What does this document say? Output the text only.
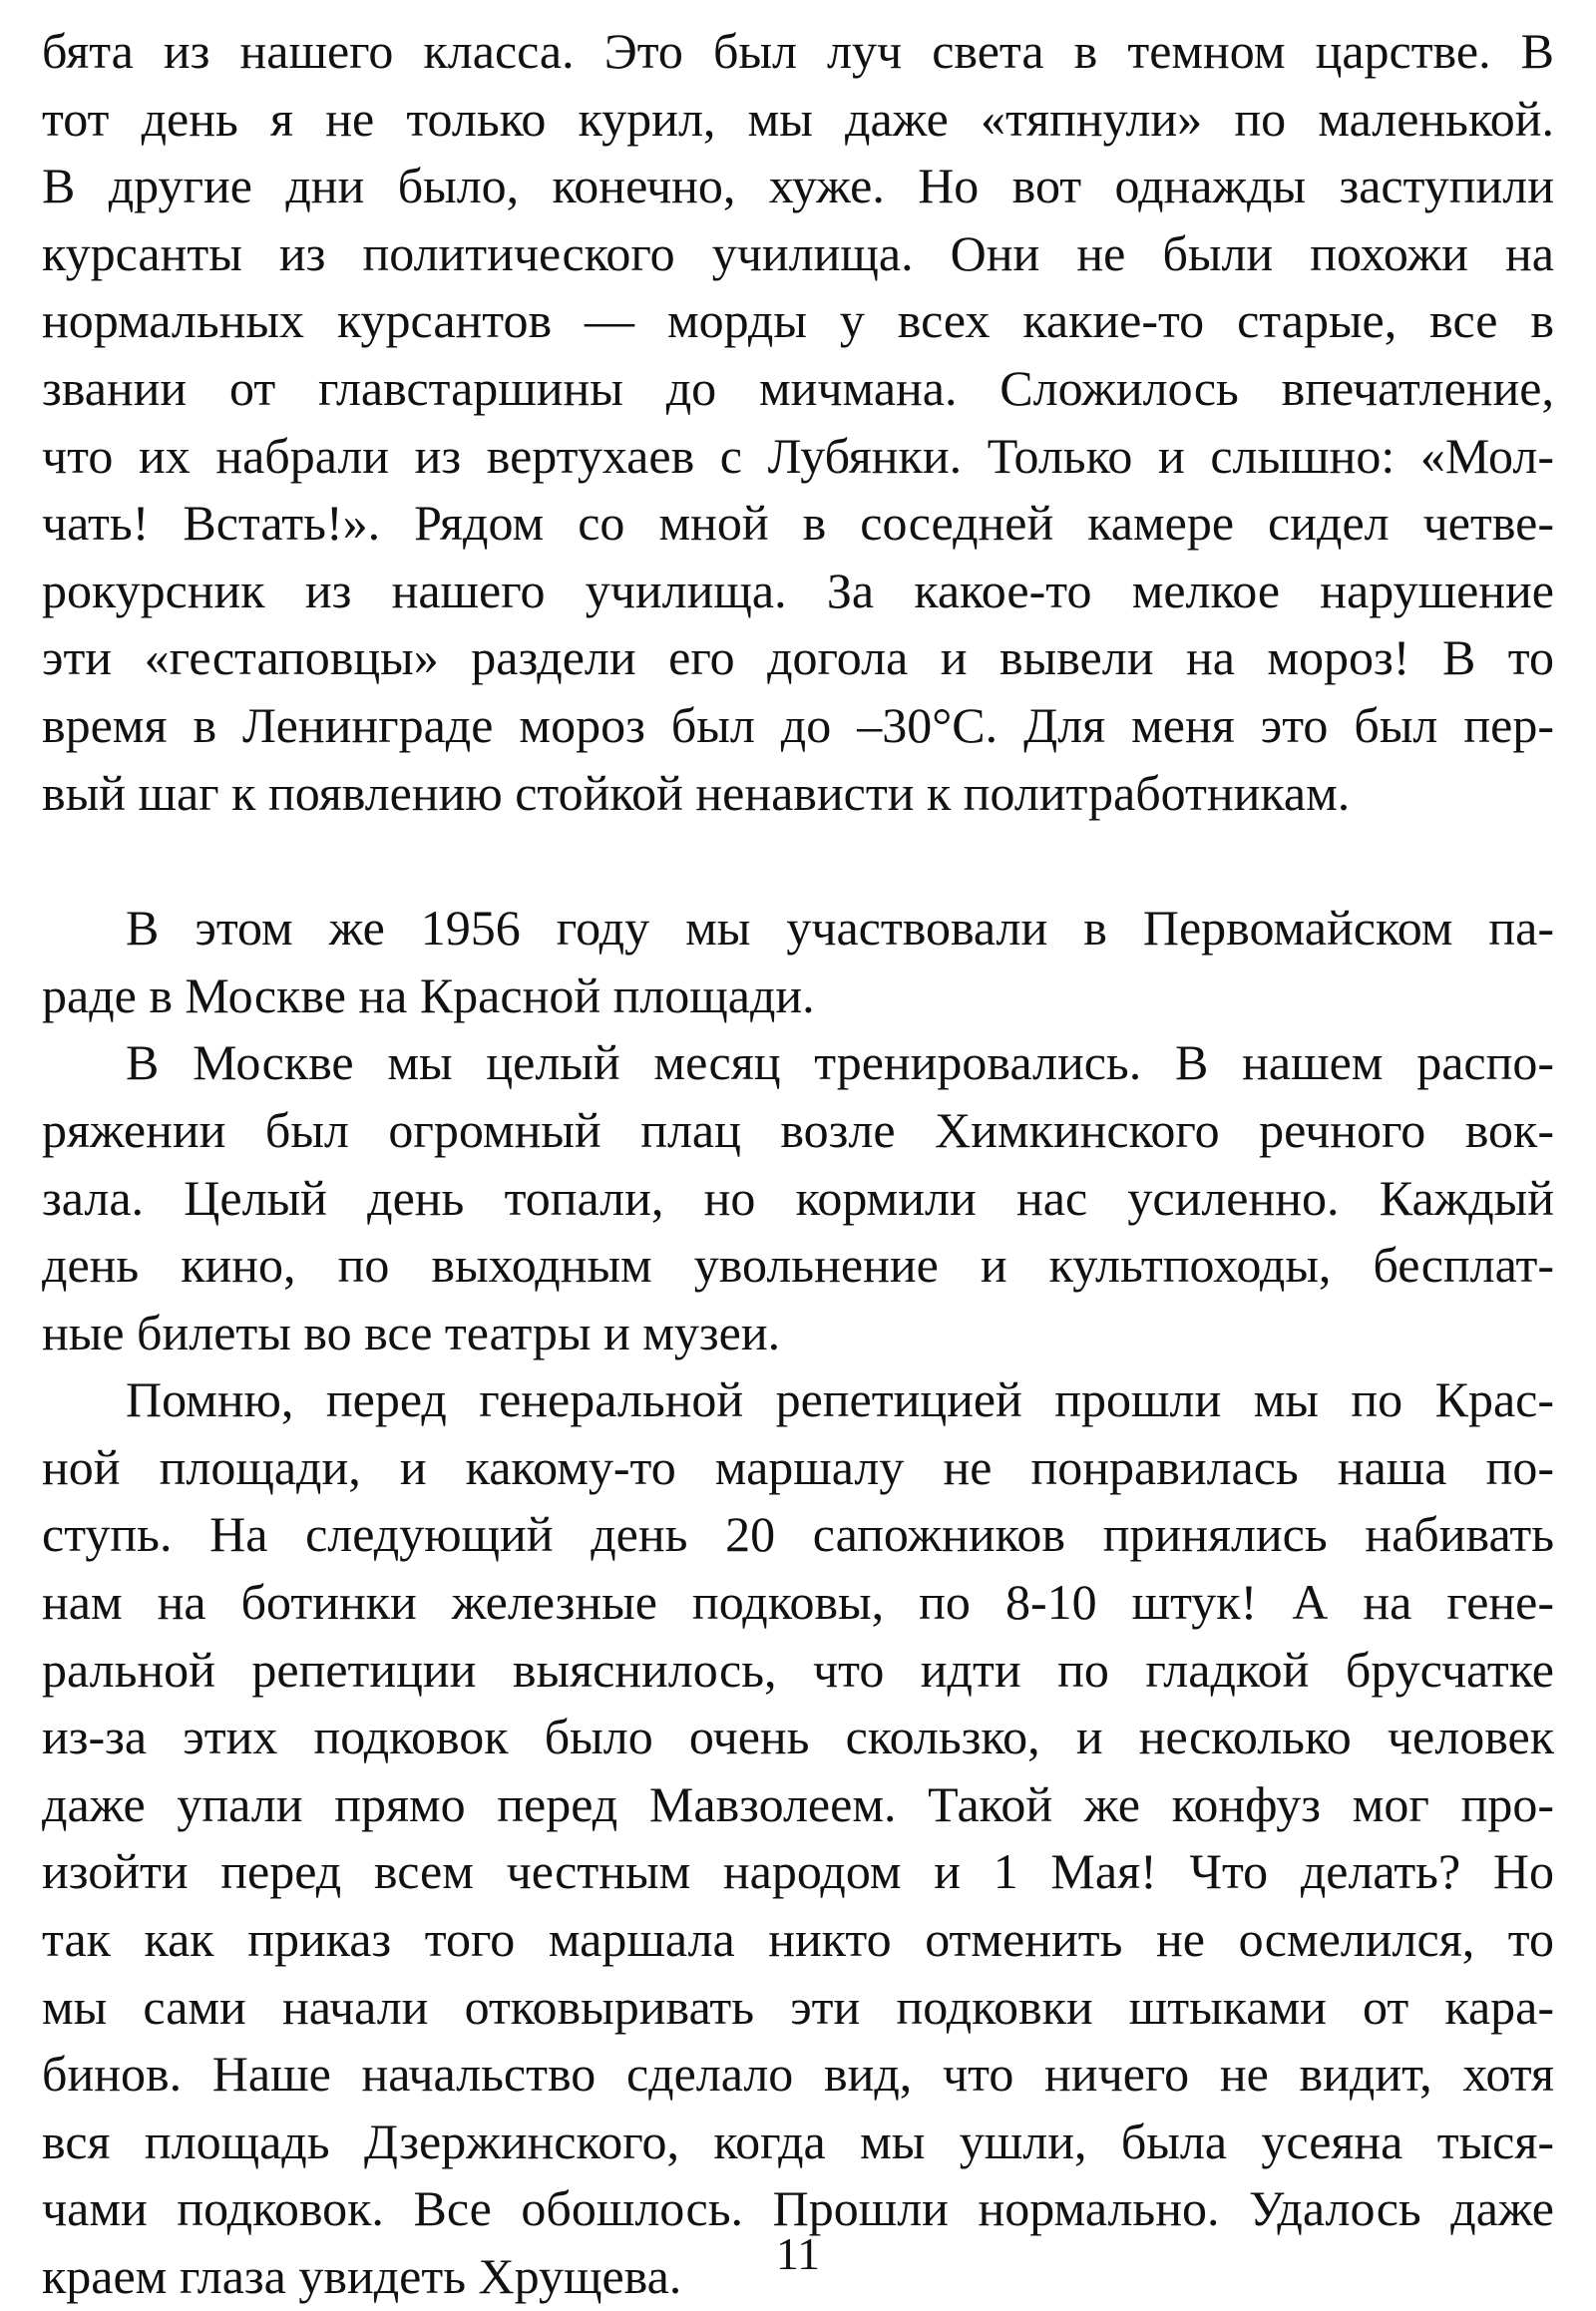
бята из нашего класса. Это был луч света в темном царстве. В
тот день я не только курил, мы даже «тяпнули» по маленькой.
В другие дни было, конечно, хуже. Но вот однажды заступили
курсанты из политического училища. Они не были похожи на
нормальных курсантов — морды у всех какие-то старые, все в
звании от главстаршины до мичмана. Сложилось впечатление,
что их набрали из вертухаев с Лубянки. Только и слышно: «Мол-
чать! Встать!». Рядом со мной в соседней камере сидел четве-
рокурсник из нашего училища. За какое-то мелкое нарушение
эти «гестаповцы» раздели его догола и вывели на мороз! В то
время в Ленинграде мороз был до –30°С. Для меня это был пер-
вый шаг к появлению стойкой ненависти к политработникам.
В этом же 1956 году мы участвовали в Первомайском па-
раде в Москве на Красной площади.
В Москве мы целый месяц тренировались. В нашем распо-
ряжении был огромный плац возле Химкинского речного вок-
зала. Целый день топали, но кормили нас усиленно. Каждый
день кино, по выходным увольнение и культпоходы, бесплат-
ные билеты во все театры и музеи.
Помню, перед генеральной репетицией прошли мы по Крас-
ной площади, и какому-то маршалу не понравилась наша по-
ступь. На следующий день 20 сапожников принялись набивать
нам на ботинки железные подковы, по 8-10 штук! А на гене-
ральной репетиции выяснилось, что идти по гладкой брусчатке
из-за этих подковок было очень скользко, и несколько человек
даже упали прямо перед Мавзолеем. Такой же конфуз мог про-
изойти перед всем честным народом и 1 Мая! Что делать? Но
так как приказ того маршала никто отменить не осмелился, то
мы сами начали отковыривать эти подковки штыками от кара-
бинов. Наше начальство сделало вид, что ничего не видит, хотя
вся площадь Дзержинского, когда мы ушли, была усеяна тыся-
чами подковок. Все обошлось. Прошли нормально. Удалось даже
краем глаза увидеть Хрущева.	11
